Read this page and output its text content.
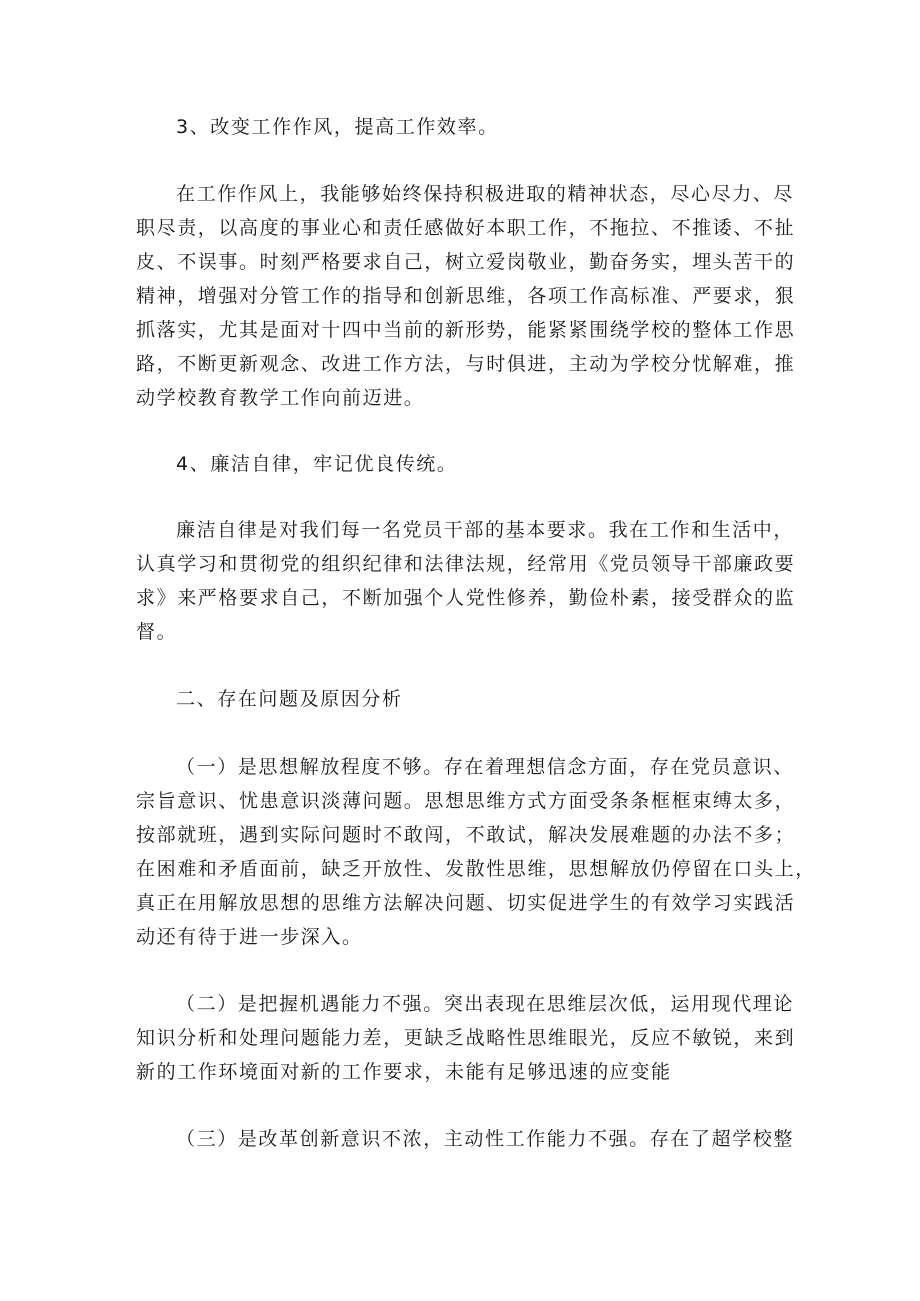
3、改变工作作风，提高工作效率。
在工作作风上，我能够始终保持积极进取的精神状态，尽心尽力、尽
职尽责，以高度的事业心和责任感做好本职工作，不拖拉、不推诿、不扯
皮、不误事。时刻严格要求自己，树立爱岗敬业，勤奋务实，埋头苦干的
精神，增强对分管工作的指导和创新思维，各项工作高标准、严要求，狠
抓落实，尤其是面对十四中当前的新形势，能紧紧围绕学校的整体工作思
路，不断更新观念、改进工作方法，与时俱进，主动为学校分忧解难，推
动学校教育教学工作向前迈进。
4、廉洁自律，牢记优良传统。
廉洁自律是对我们每一名党员干部的基本要求。我在工作和生活中，
认真学习和贯彻党的组织纪律和法律法规，经常用《党员领导干部廉政要
求》来严格要求自己，不断加强个人党性修养，勤俭朴素，接受群众的监
督。
二、存在问题及原因分析
（一）是思想解放程度不够。存在着理想信念方面，存在党员意识、
宗旨意识、忧患意识淡薄问题。思想思维方式方面受条条框框束缚太多，
按部就班，遇到实际问题时不敢闯，不敢试，解决发展难题的办法不多；
在困难和矛盾面前，缺乏开放性、发散性思维，思想解放仍停留在口头上，
真正在用解放思想的思维方法解决问题、切实促进学生的有效学习实践活
动还有待于进一步深入。
（二）是把握机遇能力不强。突出表现在思维层次低，运用现代理论
知识分析和处理问题能力差，更缺乏战略性思维眼光，反应不敏锐，来到
新的工作环境面对新的工作要求，未能有足够迅速的应变能
（三）是改革创新意识不浓，主动性工作能力不强。存在了超学校整
